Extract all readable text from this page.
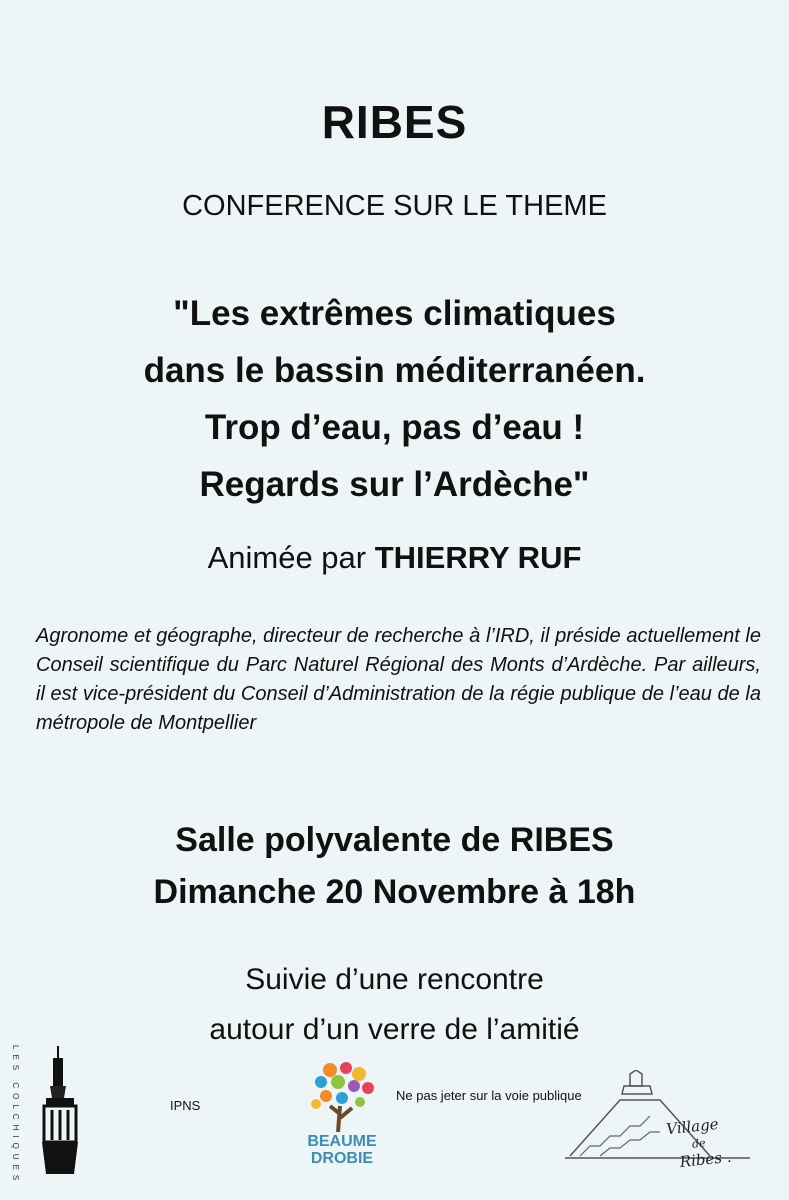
RIBES
CONFERENCE SUR LE THEME
"Les extrêmes climatiques
dans le bassin méditerranéen.
Trop d’eau, pas d’eau !
Regards sur l’Ardèche"
Animée par THIERRY RUF
Agronome et géographe, directeur de recherche à l’IRD, il préside actuellement le Conseil scientifique du Parc Naturel Régional des Monts d’Ardèche. Par ailleurs, il est vice-président du Conseil d’Administration de la régie publique de l’eau de la métropole de Montpellier
Salle polyvalente de RIBES
Dimanche 20 Novembre à 18h
Suivie d’une rencontre
autour d’un verre de l’amitié
LES COLCHIQUES	IPNS
BEAUME
DROBIE
Ne pas jeter sur la voie publique
Village
de
Ribes .
